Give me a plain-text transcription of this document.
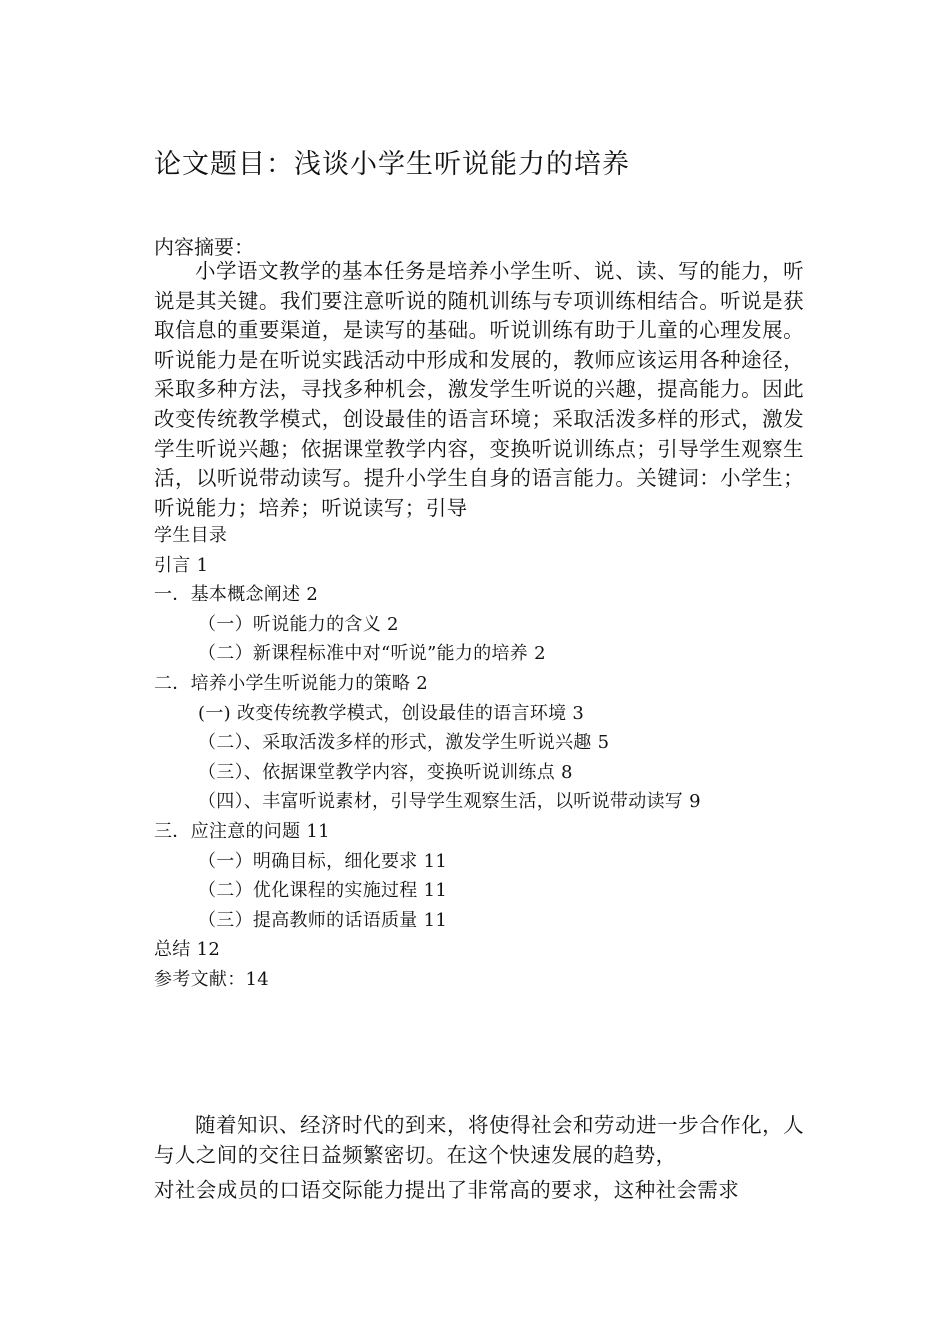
论文题目：浅谈小学生听说能力的培养
内容摘要：

小学语文教学的基本任务是培养小学生听、说、读、写的能力，听说是其关键。我们要注意听说的随机训练与专项训练相结合。听说是获取信息的重要渠道，是读写的基础。听说训练有助于儿童的心理发展。听说能力是在听说实践活动中形成和发展的，教师应该运用各种途径，采取多种方法，寻找多种机会，激发学生听说的兴趣，提高能力。因此改变传统教学模式，创设最佳的语言环境；采取活泼多样的形式，激发学生听说兴趣；依据课堂教学内容，变换听说训练点；引导学生观察生活，以听说带动读写。提升小学生自身的语言能力。关键词：小学生；听说能力；培养；听说读写；引导

学生目录
引言 1
一．基本概念阐述 2
（一）听说能力的含义 2
（二）新课程标准中对“听说”能力的培养 2
二．培养小学生听说能力的策略 2
(一) 改变传统教学模式，创设最佳的语言环境 3
（二）、采取活泼多样的形式，激发学生听说兴趣 5
（三）、依据课堂教学内容，变换听说训练点 8
（四）、丰富听说素材，引导学生观察生活，以听说带动读写 9
三．应注意的问题 11
（一）明确目标，细化要求 11
（二）优化课程的实施过程 11
（三）提高教师的话语质量 11
总结 12
参考文献：14

随着知识、经济时代的到来，将使得社会和劳动进一步合作化，人与人之间的交往日益频繁密切。在这个快速发展的趋势，

对社会成员的口语交际能力提出了非常高的要求，这种社会需求
